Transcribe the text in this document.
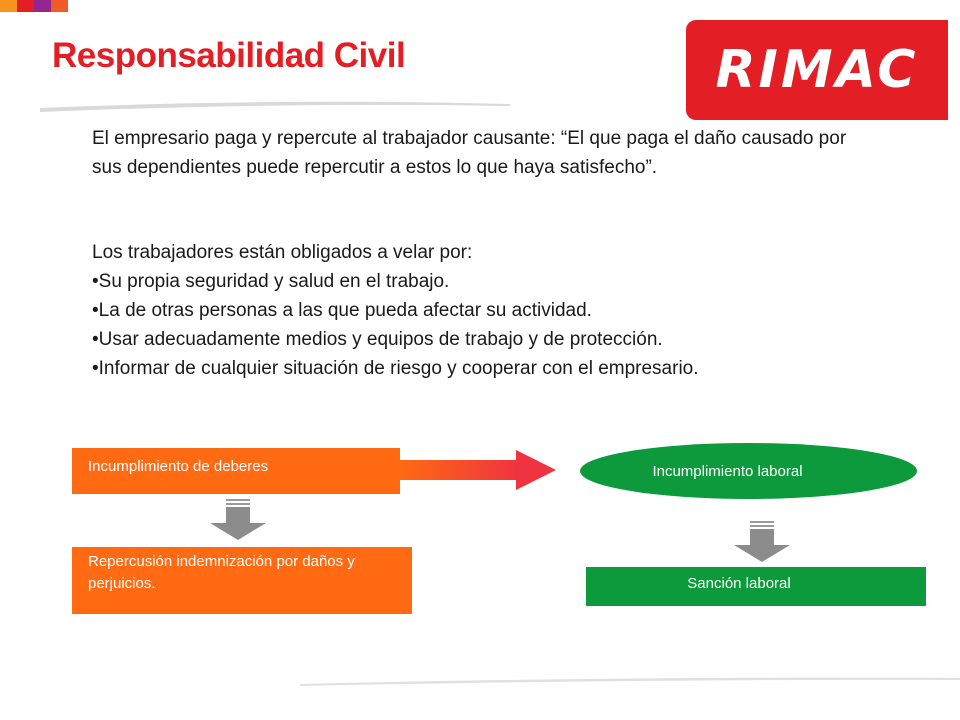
Responsabilidad Civil	RIMAC

El empresario paga y repercute al trabajador causante: “El que paga el daño causado por sus dependientes puede repercutir a estos lo que haya satisfecho”.

Los trabajadores están obligados a velar por:
• Su propia seguridad y salud en el trabajo.
• La de otras personas a las que pueda afectar su actividad.
• Usar adecuadamente medios y equipos de trabajo y de protección.
• Informar de cualquier situación de riesgo y cooperar con el empresario.
Incumplimiento de deberes
Repercusión indemnización por daños y perjuicios.
Incumplimiento laboral
Sanción laboral
